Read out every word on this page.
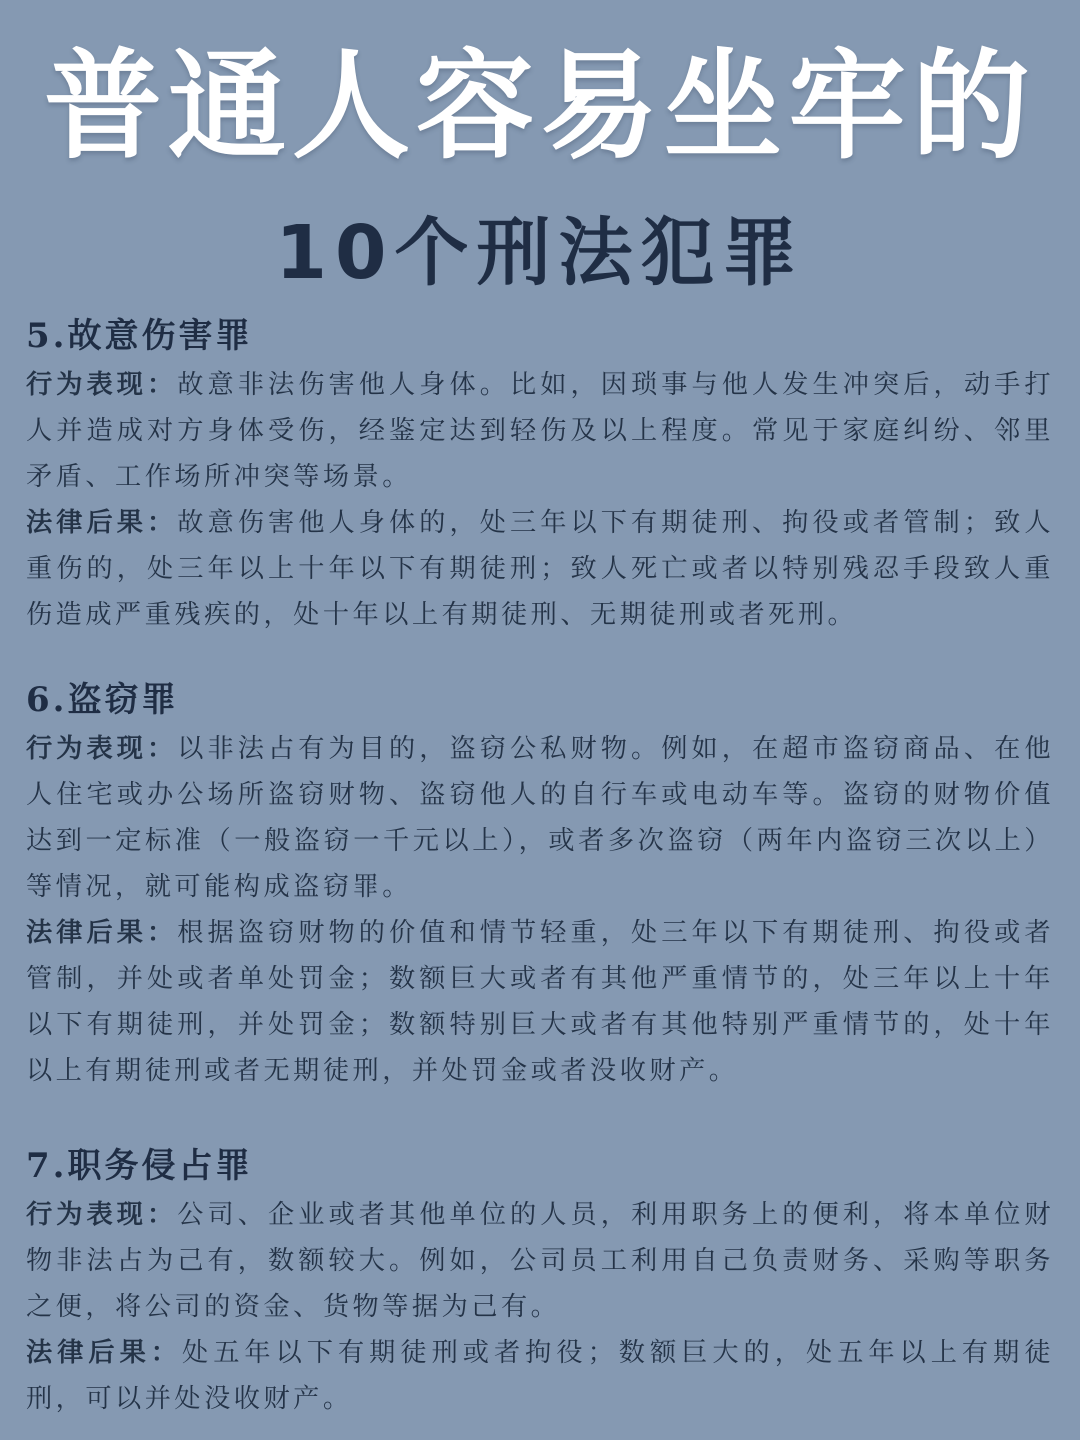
普通人容易坐牢的
10个刑法犯罪
5.故意伤害罪

行为表现：故意非法伤害他人身体。比如，因琐事与他人发生冲突后，动手打人并造成对方身体受伤，经鉴定达到轻伤及以上程度。常见于家庭纠纷、邻里矛盾、工作场所冲突等场景。

法律后果：故意伤害他人身体的，处三年以下有期徒刑、拘役或者管制；致人重伤的，处三年以上十年以下有期徒刑；致人死亡或者以特别残忍手段致人重伤造成严重残疾的，处十年以上有期徒刑、无期徒刑或者死刑。

6.盗窃罪

行为表现：以非法占有为目的，盗窃公私财物。例如，在超市盗窃商品、在他人住宅或办公场所盗窃财物、盗窃他人的自行车或电动车等。盗窃的财物价值达到一定标准（一般盗窃一千元以上），或者多次盗窃（两年内盗窃三次以上）等情况，就可能构成盗窃罪。

法律后果：根据盗窃财物的价值和情节轻重，处三年以下有期徒刑、拘役或者管制，并处或者单处罚金；数额巨大或者有其他严重情节的，处三年以上十年以下有期徒刑，并处罚金；数额特别巨大或者有其他特别严重情节的，处十年以上有期徒刑或者无期徒刑，并处罚金或者没收财产。

7.职务侵占罪

行为表现：公司、企业或者其他单位的人员，利用职务上的便利，将本单位财物非法占为己有，数额较大。例如，公司员工利用自己负责财务、采购等职务之便，将公司的资金、货物等据为己有。

法律后果：处五年以下有期徒刑或者拘役；数额巨大的，处五年以上有期徒刑，可以并处没收财产。
